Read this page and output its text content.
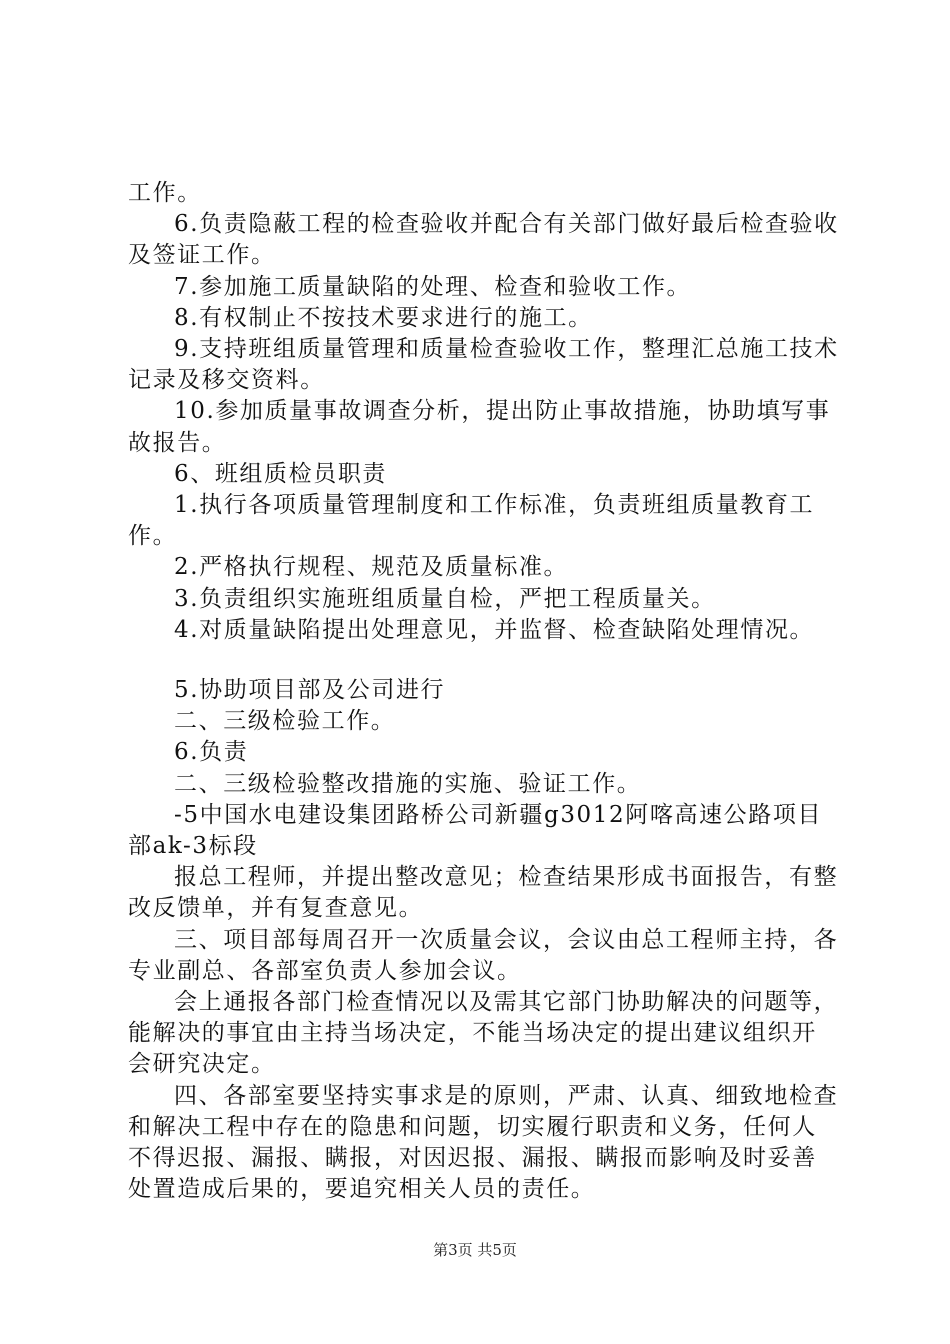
工作。

6.负责隐蔽工程的检查验收并配合有关部门做好最后检查验收及签证工作。

7.参加施工质量缺陷的处理、检查和验收工作。

8.有权制止不按技术要求进行的施工。

9.支持班组质量管理和质量检查验收工作，整理汇总施工技术记录及移交资料。

10.参加质量事故调查分析，提出防止事故措施，协助填写事故报告。

6、班组质检员职责

1.执行各项质量管理制度和工作标准，负责班组质量教育工作。

2.严格执行规程、规范及质量标准。

3.负责组织实施班组质量自检，严把工程质量关。

4.对质量缺陷提出处理意见，并监督、检查缺陷处理情况。

5.协助项目部及公司进行

二、三级检验工作。

6.负责

二、三级检验整改措施的实施、验证工作。

-5中国水电建设集团路桥公司新疆g3012阿喀高速公路项目部ak-3标段

报总工程师，并提出整改意见；检查结果形成书面报告，有整改反馈单，并有复查意见。

三、项目部每周召开一次质量会议，会议由总工程师主持，各专业副总、各部室负责人参加会议。

会上通报各部门检查情况以及需其它部门协助解决的问题等，能解决的事宜由主持当场决定，不能当场决定的提出建议组织开会研究决定。

四、各部室要坚持实事求是的原则，严肃、认真、细致地检查和解决工程中存在的隐患和问题，切实履行职责和义务，任何人不得迟报、漏报、瞒报，对因迟报、漏报、瞒报而影响及时妥善处置造成后果的，要追究相关人员的责任。

第3页 共5页
